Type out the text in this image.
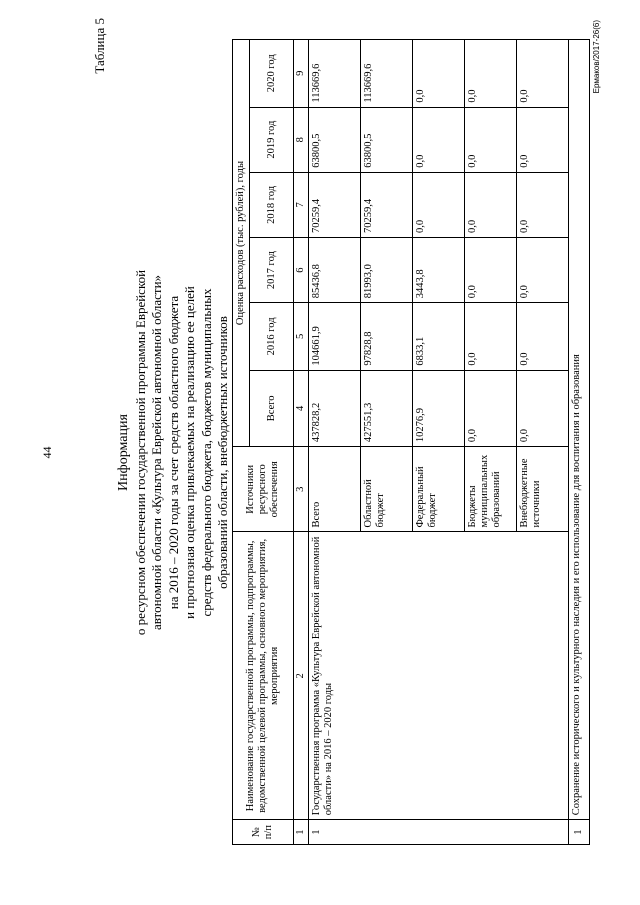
44
Таблица 5
Информация о ресурсном обеспечении государственной программы Еврейской автономной области «Культура Еврейской автономной области» на 2016 – 2020 годы за счет средств областного бюджета и прогнозная оценка привлекаемых на реализацию ее целей средств федерального бюджета, бюджетов муниципальных образований области, внебюджетных источников
№ п/п	Наименование государственной программы, подпрограммы, ведомственной целевой программы, основного мероприятия, мероприятия	Источники ресурсного обеспечения	Оценка расходов (тыс. рублей), годы					
			Всего	2016 год	2017 год	2018 год	2019 год	2020 год
1	2	3	4	5	6	7	8	9
1	Государственная программа «Культура Еврейской автономной области» на 2016 – 2020 годы	Всего	437828,2	104661,9	85436,8	70259,4	63800,5	113669,6
		Областной бюджет	427551,3	97828,8	81993,0	70259,4	63800,5	113669,6
		Федеральный бюджет	10276,9	6833,1	3443,8	0,0	0,0	0,0
		Бюджеты муниципальных образований	0,0	0,0	0,0	0,0	0,0	0,0
		Внебюджетные источники	0,0	0,0	0,0	0,0	0,0	0,0
1	Сохранение исторического и культурного наследия и его использование для воспитания и образования							
Ермаков/2017-26(6)
